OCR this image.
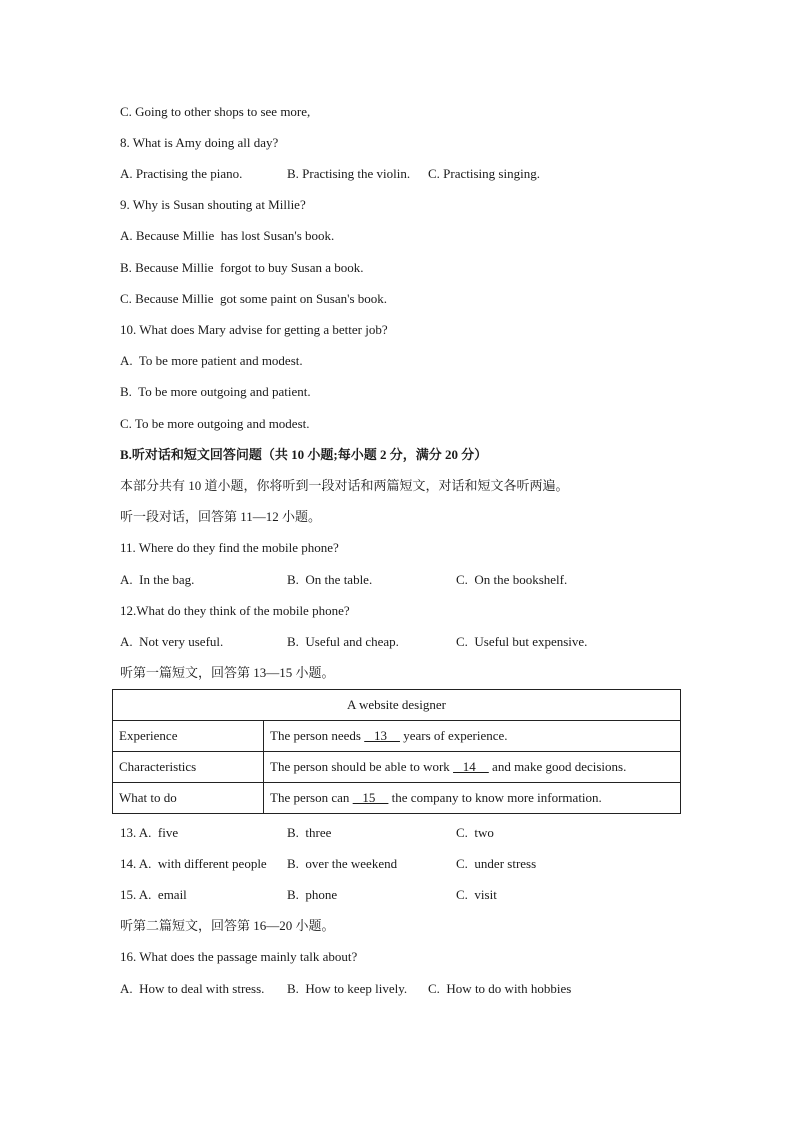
C. Going to other shops to see more,
8. What is Amy doing all day?
A. Practising the piano.	B. Practising the violin. C. Practising singing.
9. Why is Susan shouting at Millie?
A. Because Millie  has lost Susan's book.
B. Because Millie  forgot to buy Susan a book.
C. Because Millie  got some paint on Susan's book.
10. What does Mary advise for getting a better job?
A.  To be more patient and modest.
B.  To be more outgoing and patient.
C. To be more outgoing and modest.
B.听对话和短文回答问题（共 10 小题;每小题 2 分，满分 20 分）
本部分共有 10 道小题，你将听到一段对话和两篇短文，对话和短文各听两遍。
听一段对话，回答第 11—12 小题。
11. Where do they find the mobile phone?
A.  In the bag.	B.  On the table.	C.  On the bookshelf.
12.What do they think of the mobile phone?
A.  Not very useful.	B.  Useful and cheap.	C.  Useful but expensive.
听第一篇短文，回答第 13—15 小题。
A website designer	
Experience	The person needs    13     years of experience.
Characteristics	The person should be able to work    14     and make good decisions.
What to do	The person can    15     the company to know more information.
13. A.  five	B.  three	C.  two
14. A.  with different people B.  over the weekend	C.  under stress
15. A.  email	B.  phone	C.  visit
听第二篇短文，回答第 16—20 小题。
16. What does the passage mainly talk about?
A.  How to deal with stress. B.  How to keep lively. C.  How to do with hobbies
